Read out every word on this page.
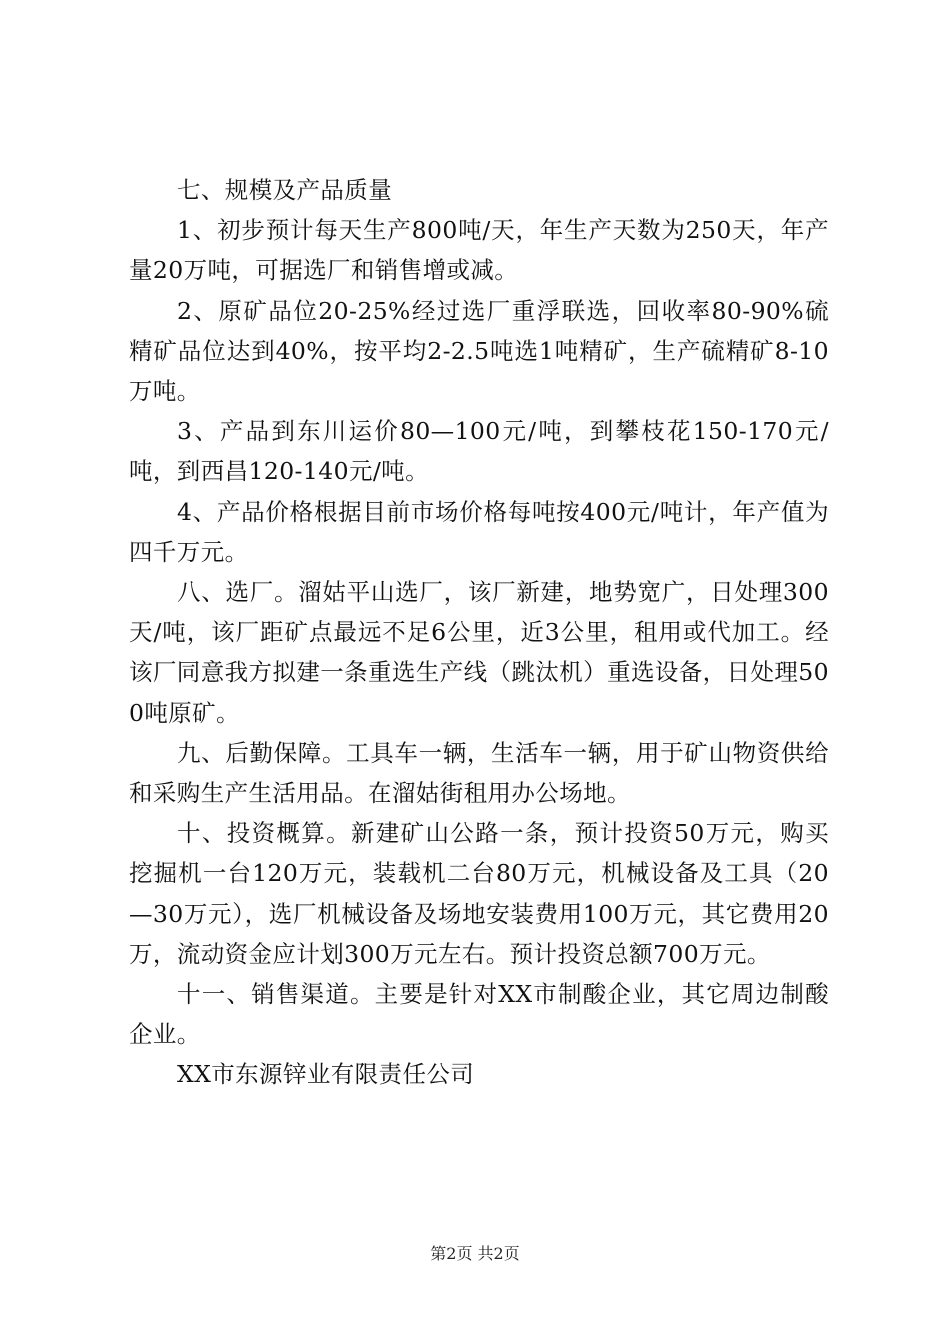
七、规模及产品质量

1、初步预计每天生产800吨/天，年生产天数为250天，年产量20万吨，可据选厂和销售增或减。

2、原矿品位20-25%经过选厂重浮联选，回收率80-90%硫精矿品位达到40%，按平均2-2.5吨选1吨精矿，生产硫精矿8-10万吨。

3、产品到东川运价80—100元/吨，到攀枝花150-170元/吨，到西昌120-140元/吨。

4、产品价格根据目前市场价格每吨按400元/吨计，年产值为四千万元。

八、选厂。溜姑平山选厂，该厂新建，地势宽广，日处理300天/吨，该厂距矿点最远不足6公里，近3公里，租用或代加工。经该厂同意我方拟建一条重选生产线（跳汰机）重选设备，日处理500吨原矿。

九、后勤保障。工具车一辆，生活车一辆，用于矿山物资供给和采购生产生活用品。在溜姑街租用办公场地。

十、投资概算。新建矿山公路一条，预计投资50万元，购买挖掘机一台120万元，装载机二台80万元，机械设备及工具（20—30万元），选厂机械设备及场地安装费用100万元，其它费用20万，流动资金应计划300万元左右。预计投资总额700万元。

十一、销售渠道。主要是针对XX市制酸企业，其它周边制酸企业。

XX市东源锌业有限责任公司

第2页 共2页
